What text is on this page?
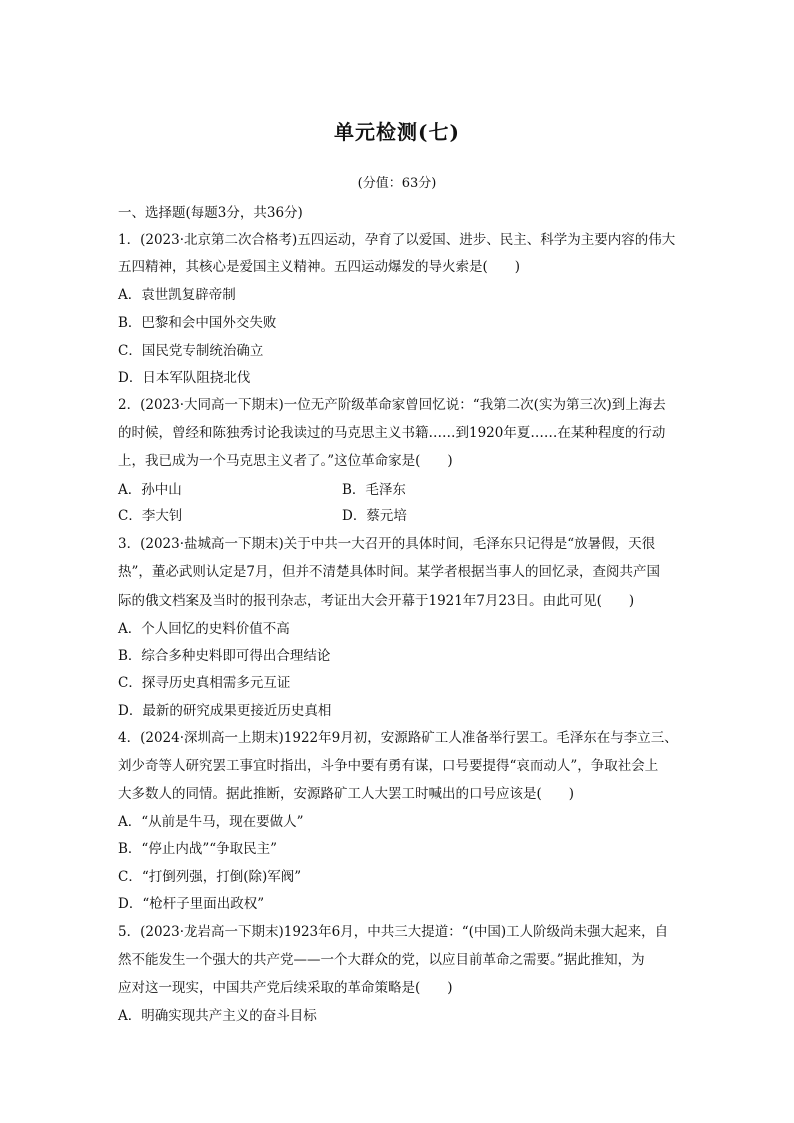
单元检测(七)
(分值：63分)
一、选择题(每题3分，共36分)
1．(2023·北京第二次合格考)五四运动，孕育了以爱国、进步、民主、科学为主要内容的伟大
五四精神，其核心是爱国主义精神。五四运动爆发的导火索是(　　)
A．袁世凯复辟帝制
B．巴黎和会中国外交失败
C．国民党专制统治确立
D．日本军队阻挠北伐
2．(2023·大同高一下期末)一位无产阶级革命家曾回忆说：“我第二次(实为第三次)到上海去
的时候，曾经和陈独秀讨论我读过的马克思主义书籍……到1920年夏……在某种程度的行动
上，我已成为一个马克思主义者了。”这位革命家是(　　)
A．孙中山	B．毛泽东
C．李大钊	D．蔡元培
3．(2023·盐城高一下期末)关于中共一大召开的具体时间，毛泽东只记得是“放暑假，天很
热”，董必武则认定是7月，但并不清楚具体时间。某学者根据当事人的回忆录，查阅共产国
际的俄文档案及当时的报刊杂志，考证出大会开幕于1921年7月23日。由此可见(　　)
A．个人回忆的史料价值不高
B．综合多种史料即可得出合理结论
C．探寻历史真相需多元互证
D．最新的研究成果更接近历史真相
4．(2024·深圳高一上期末)1922年9月初，安源路矿工人准备举行罢工。毛泽东在与李立三、
刘少奇等人研究罢工事宜时指出，斗争中要有勇有谋，口号要提得“哀而动人”，争取社会上
大多数人的同情。据此推断，安源路矿工人大罢工时喊出的口号应该是(　　)
A．“从前是牛马，现在要做人”
B．“停止内战”“争取民主”
C．“打倒列强，打倒(除)军阀”
D．“枪杆子里面出政权”
5．(2023·龙岩高一下期末)1923年6月，中共三大提道：“(中国)工人阶级尚未强大起来，自
然不能发生一个强大的共产党——一个大群众的党，以应目前革命之需要。”据此推知，为
应对这一现实，中国共产党后续采取的革命策略是(　　)
A．明确实现共产主义的奋斗目标
